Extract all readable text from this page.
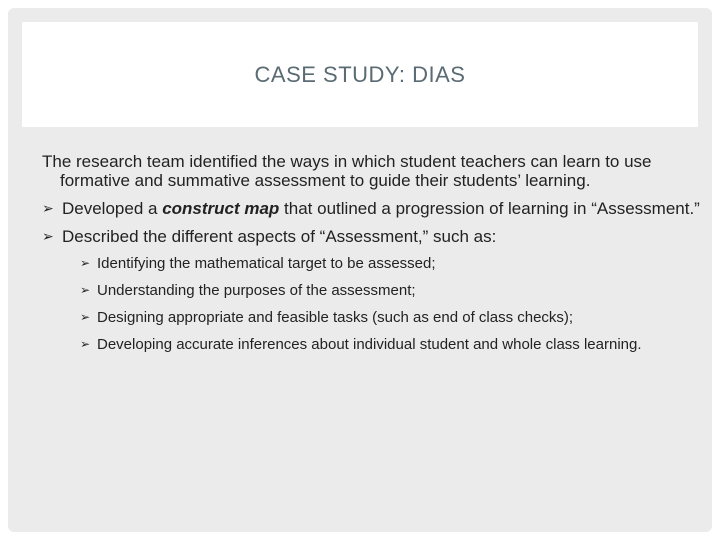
CASE STUDY: DIAS

The research team identified the ways in which student teachers can learn to use formative and summative assessment to guide their students’ learning.

➢ Developed a construct map that outlined a progression of learning in “Assessment.”

➢ Described the different aspects of “Assessment,” such as:

➢ Identifying the mathematical target to be assessed;

➢ Understanding the purposes of the assessment;

➢ Designing appropriate and feasible tasks (such as end of class checks);

➢ Developing accurate inferences about individual student and whole class learning.
